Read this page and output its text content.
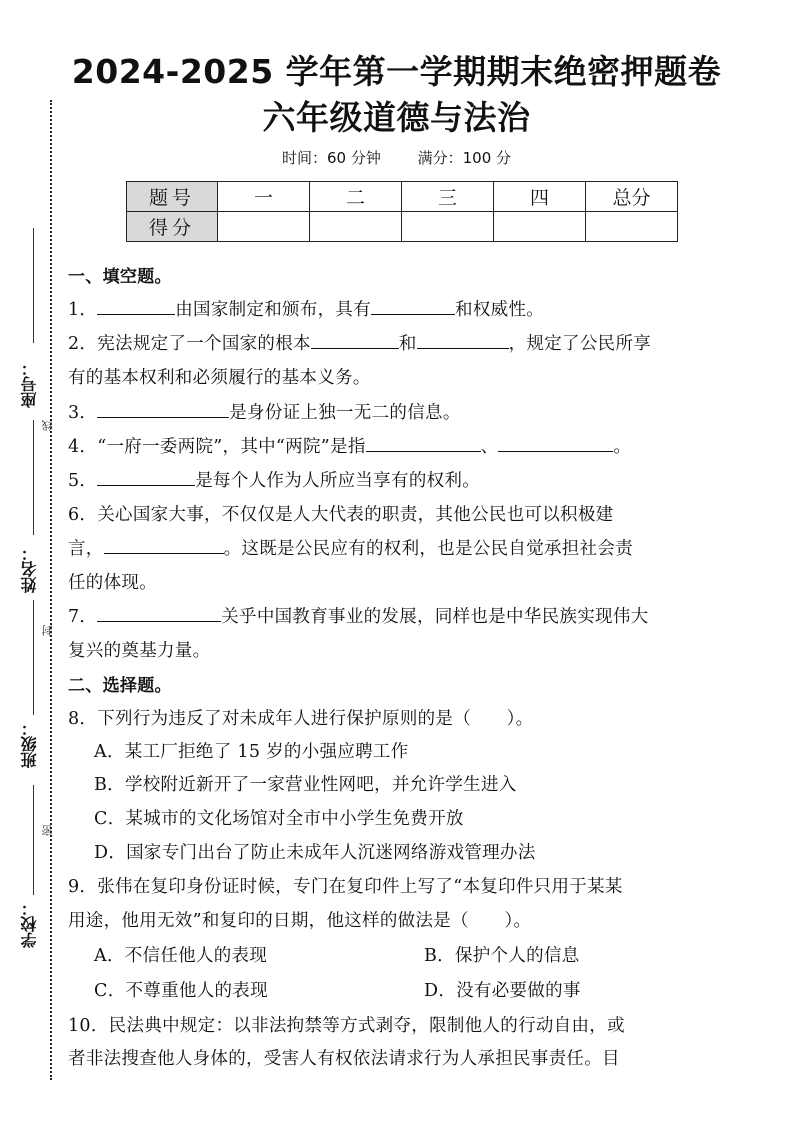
座号：
线
姓名：
封
班级：
密
学校：
2024-2025 学年第一学期期末绝密押题卷
六年级道德与法治
时间：60 分钟 满分：100 分
题号	一	二	三	四	总分
得分					
一、填空题。
1．	由国家制定和颁布，具有	和权威性。
2．宪法规定了一个国家的根本	和	，规定了公民所享
有的基本权利和必须履行的基本义务。
3．	是身份证上独一无二的信息。
4．“一府一委两院”，其中“两院”是指	、	。
5．	是每个人作为人所应当享有的权利。
6．关心国家大事，不仅仅是人大代表的职责，其他公民也可以积极建
言，	。这既是公民应有的权利，也是公民自觉承担社会责
任的体现。
7．	关乎中国教育事业的发展，同样也是中华民族实现伟大
复兴的奠基力量。
二、选择题。
8．下列行为违反了对未成年人进行保护原则的是（　　）。
A．某工厂拒绝了 15 岁的小强应聘工作
B．学校附近新开了一家营业性网吧，并允许学生进入
C．某城市的文化场馆对全市中小学生免费开放
D．国家专门出台了防止未成年人沉迷网络游戏管理办法
9．张伟在复印身份证时候，专门在复印件上写了“本复印件只用于某某
用途，他用无效”和复印的日期，他这样的做法是（　　）。
A．不信任他人的表现	B．保护个人的信息
C．不尊重他人的表现	D．没有必要做的事
10．民法典中规定：以非法拘禁等方式剥夺，限制他人的行动自由，或
者非法搜查他人身体的，受害人有权依法请求行为人承担民事责任。目
